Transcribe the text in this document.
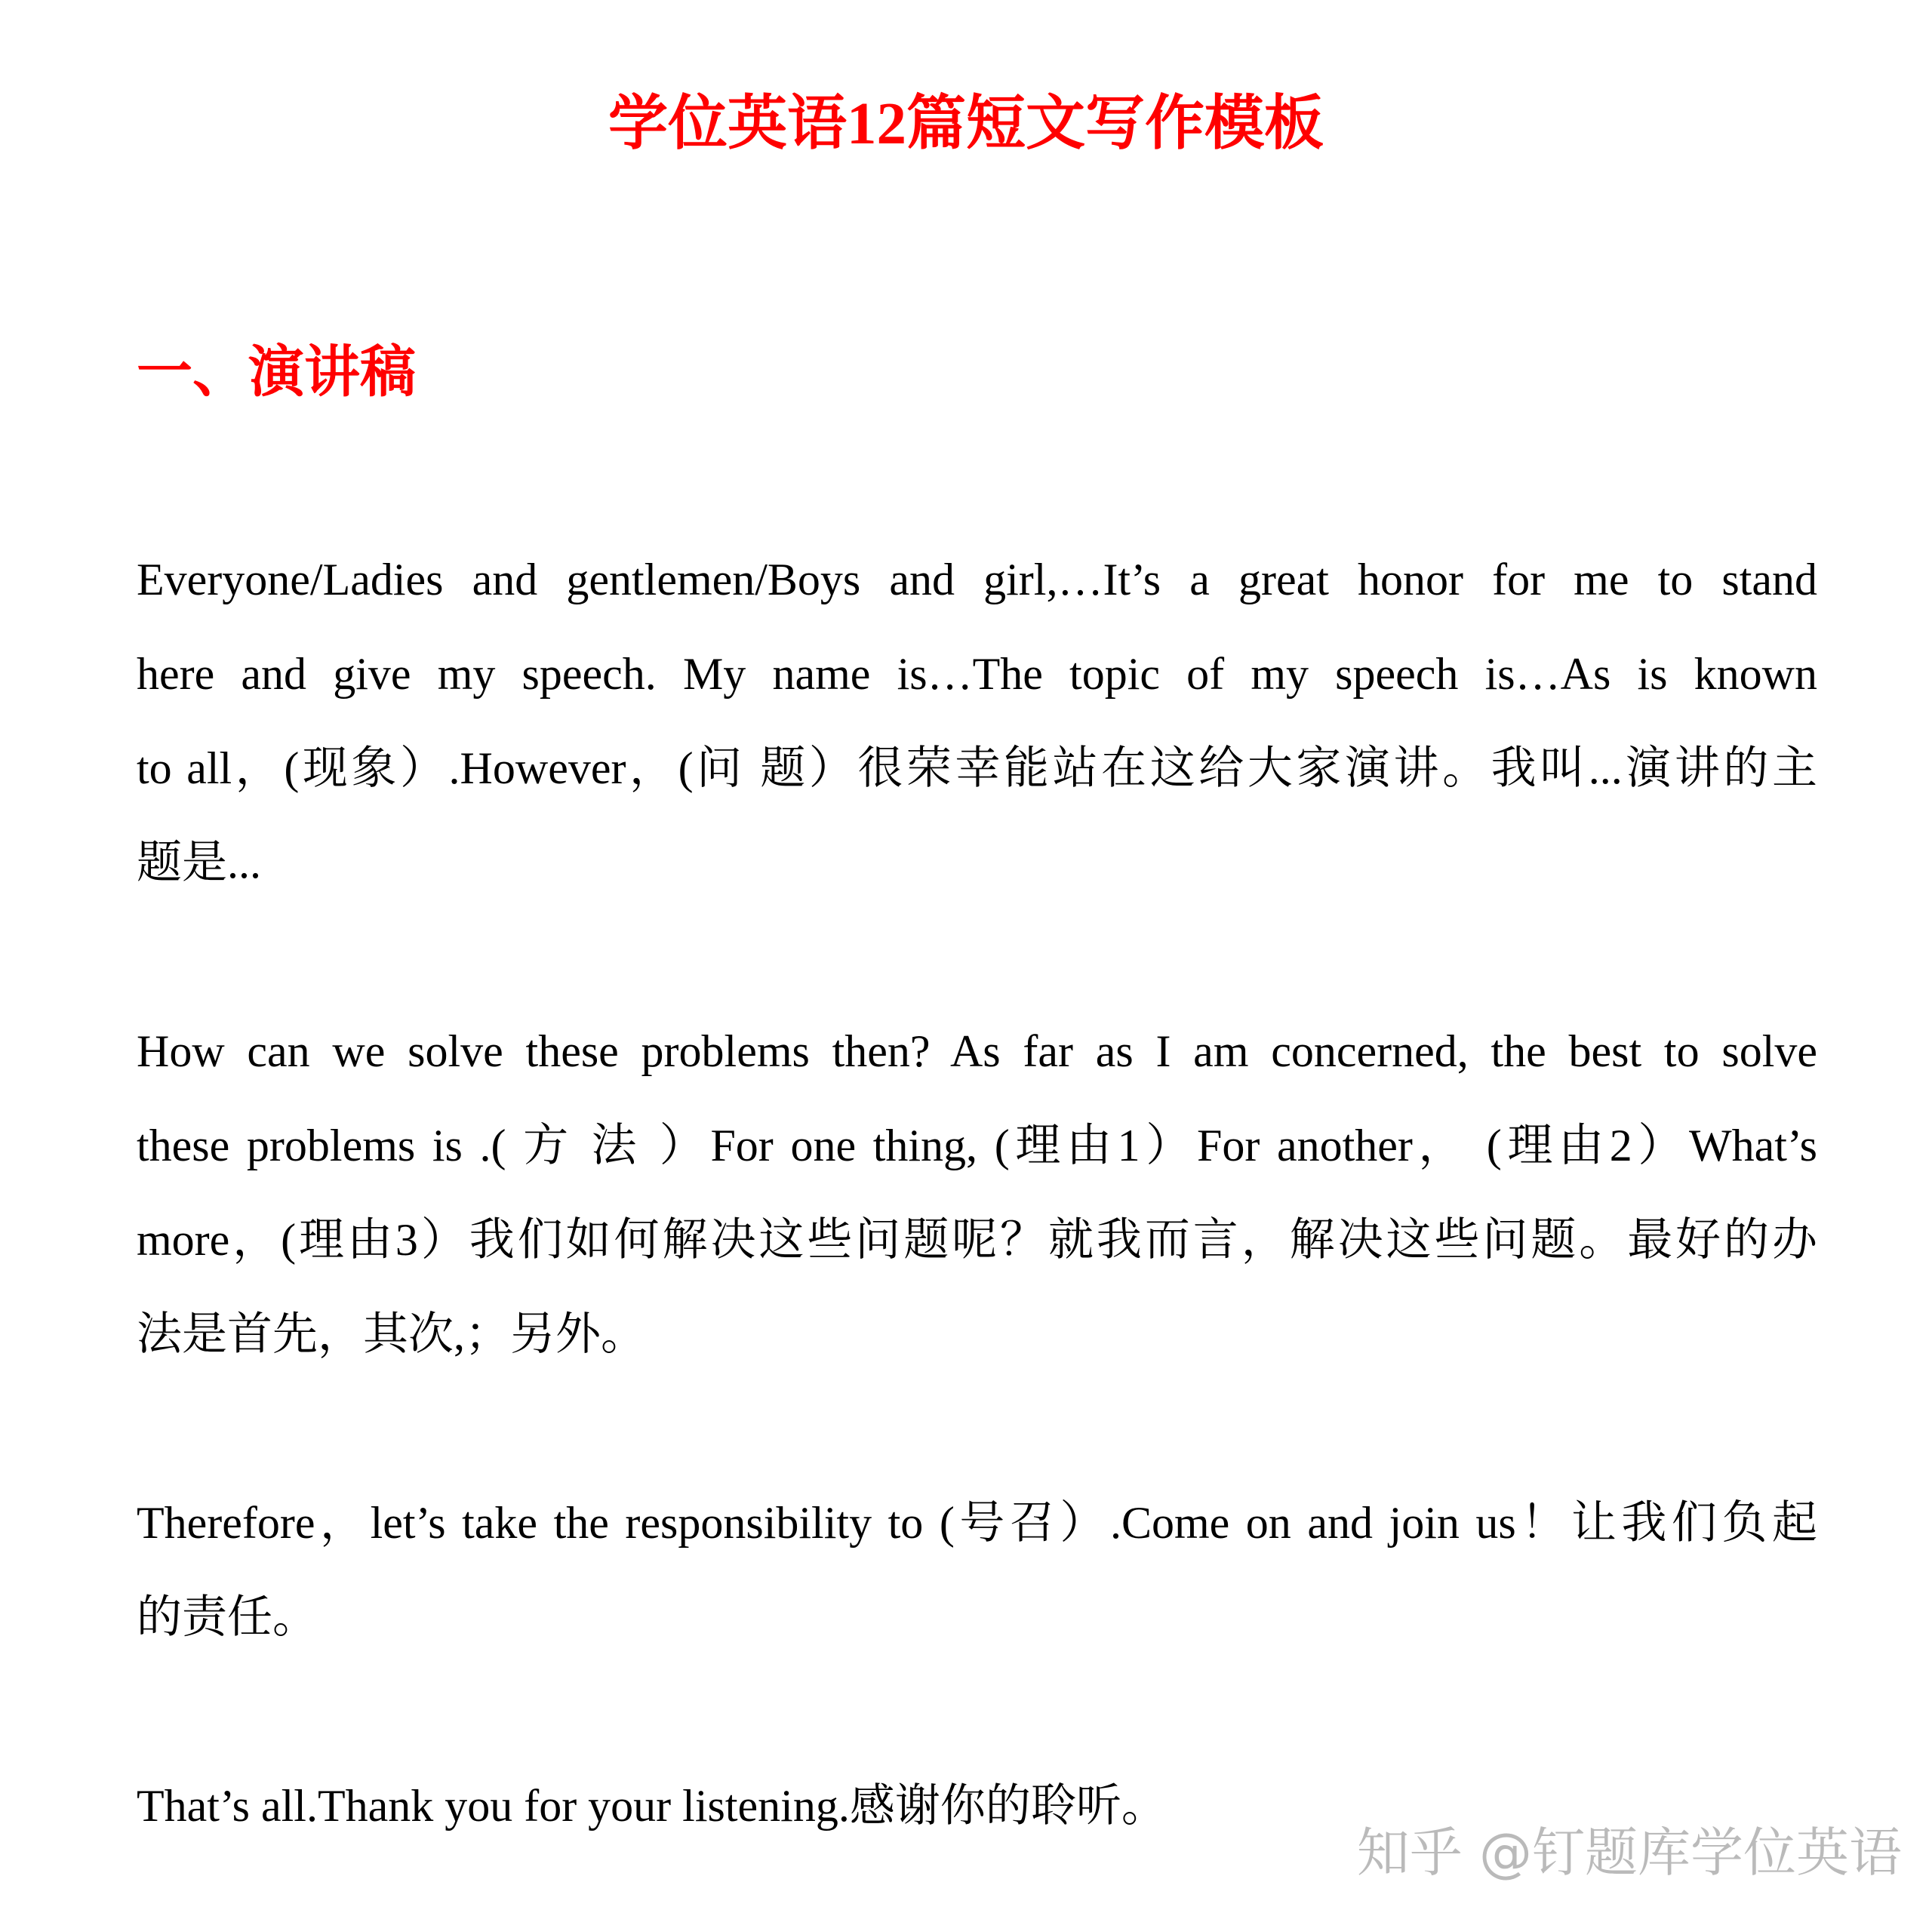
学位英语12篇短文写作模板
一、演讲稿
Everyone/Ladies and gentlemen/Boys and girl,…It’s a great honor for me to stand
here and give my speech. My name is…The topic of my speech is…As is known
to all，(现象）.However，(问 题）很荣幸能站在这给大家演讲。我叫...演讲的主
题是...
How can we solve these problems then? As far as I am concerned, the best to solve
these problems is .( 方 法 ）For one thing, (理由1）For another， (理由2）What’s
more，(理由3）我们如何解决这些问题呢？就我而言，解决这些问题。最好的办
法是首先，其次,；另外。
Therefore，let’s take the responsibility to (号召）.Come on and join us！让我们负起
的责任。
That’s all.Thank you for your listening.感谢你的聆听。
知乎 @钉题库学位英语
